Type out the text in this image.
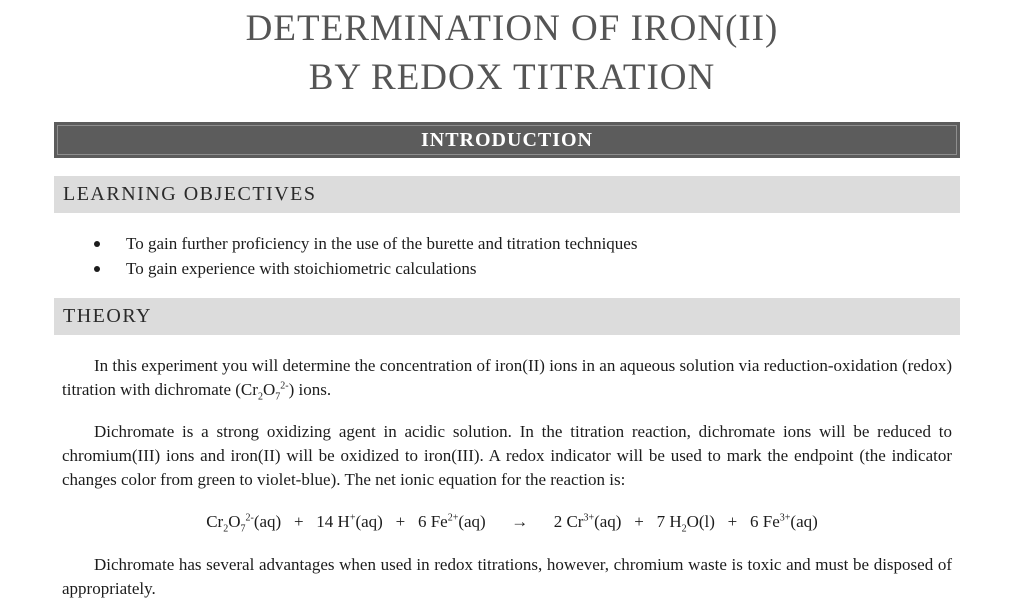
DETERMINATION OF IRON(II)
BY REDOX TITRATION
INTRODUCTION
LEARNING OBJECTIVES
To gain further proficiency in the use of the burette and titration techniques
To gain experience with stoichiometric calculations
THEORY

In this experiment you will determine the concentration of iron(II) ions in an aqueous solution via reduction-oxidation (redox) titration with dichromate $(Cr_2O_7^{2-})$ ions.

Dichromate is a strong oxidizing agent in acidic solution. In the titration reaction, dichromate ions will be reduced to chromium(III) ions and iron(II) will be oxidized to iron(III). A redox indicator will be used to mark the endpoint (the indicator changes color from green to violet-blue). The net ionic equation for the reaction is:

$Cr_2O_7^{2-}(aq) + 14$ H+(aq) + 6 $Fe^{2+}(aq) \to 2$ $Cr^{3+}(aq) + 7$ $H_2O(l) + 6$ $Fe^{3+}(aq)$

Dichromate has several advantages when used in redox titrations, however, chromium waste is toxic and must be disposed of appropriately.
